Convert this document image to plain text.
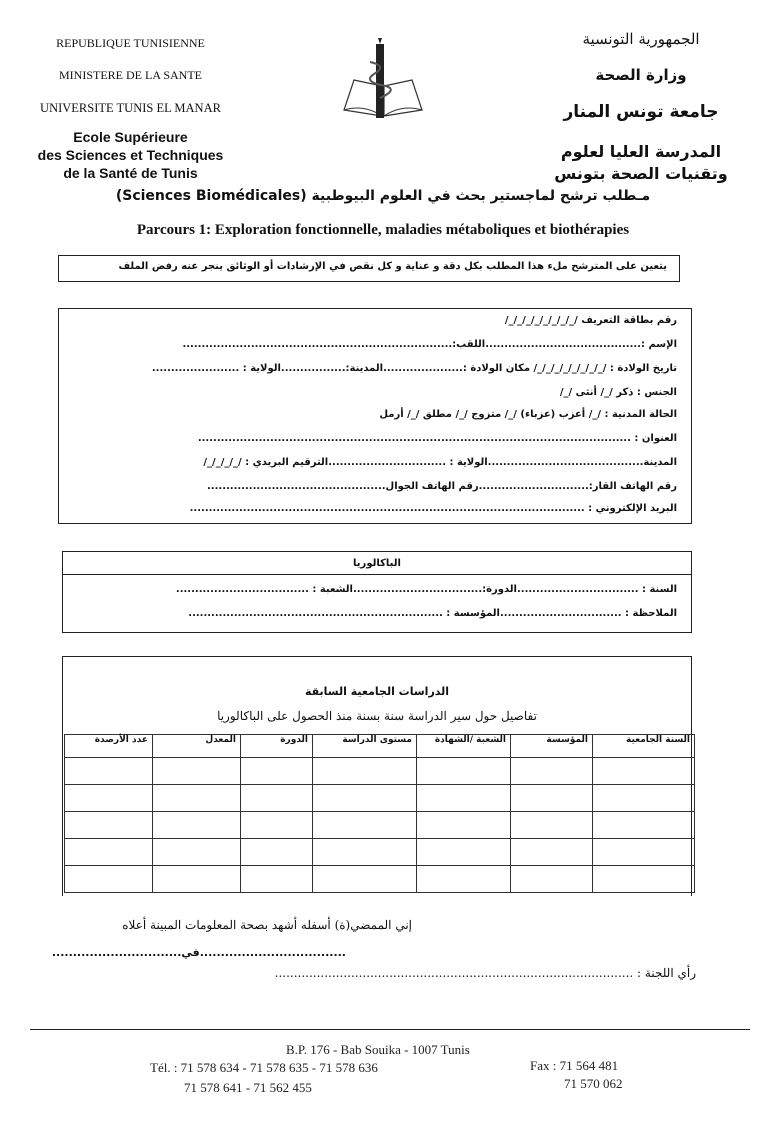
REPUBLIQUE TUNISIENNE
MINISTERE DE LA SANTE
UNIVERSITE TUNIS EL MANAR
Ecole Supérieure
des Sciences et Techniques
de la Santé de Tunis
الجمهورية التونسية
وزارة الصحة
جامعة تونس المنار
المدرسة العليا لعلوم
وتقنيات الصحة بتونس
مـطلب ترشح لماجستير بحث في العلوم البيوطبية (Sciences Biomédicales)
Parcours 1: Exploration fonctionnelle, maladies métaboliques et biothérapies
يتعين على المترشح ملء هذا المطلب بكل دقة و عناية و كل نقص في الإرشادات أو الوثائق ينجر عنه رفض الملف
رقم بطاقة التعريف /_/_/_/_/_/_/_/_/
الإسم :.........................................اللقب:.......................................................................
تاريخ الولادة : /_/_/_/_/_/_/_/_/ مكان الولادة :.....................المدينة:.................الولاية : .......................
الجنس : ذكر /_/ أنثى /_/
الحالة المدنية : /_/ أعزب (عزباء) /_/ متزوج /_/ مطلق /_/ أرمل
العنوان : ..................................................................................................................
المدينة.........................................الولاية : ...............................الترقيم البريدي : /_/_/_/_/
رقم الهاتف القار:.............................رقم الهاتف الجوال...............................................
البريد الإلكتروني : ........................................................................................................
الباكالوريا
السنة : ................................الدورة:..................................الشعبة : ...................................
الملاحظة : ................................المؤسسة : ...................................................................
الدراسات الجامعية السابقة
تفاصيل حول سير الدراسة سنة بسنة منذ الحصول على الباكالوريا
عدد الأرصدة	المعدل	الدورة	مستوى الدراسة	الشعبة /الشهادة	المؤسسة	السنة الجامعية

إني الممضي(ة) أسفله أشهد بصحة المعلومات المبينة أعلاه
...................................في...............................
رأي اللجنة : ..............................................................................................
B.P. 176 - Bab Souika - 1007 Tunis
Tél. : 71 578 634 - 71 578 635 - 71 578 636
71 578 641 - 71 562 455
Fax : 71 564 481
71 570 062
